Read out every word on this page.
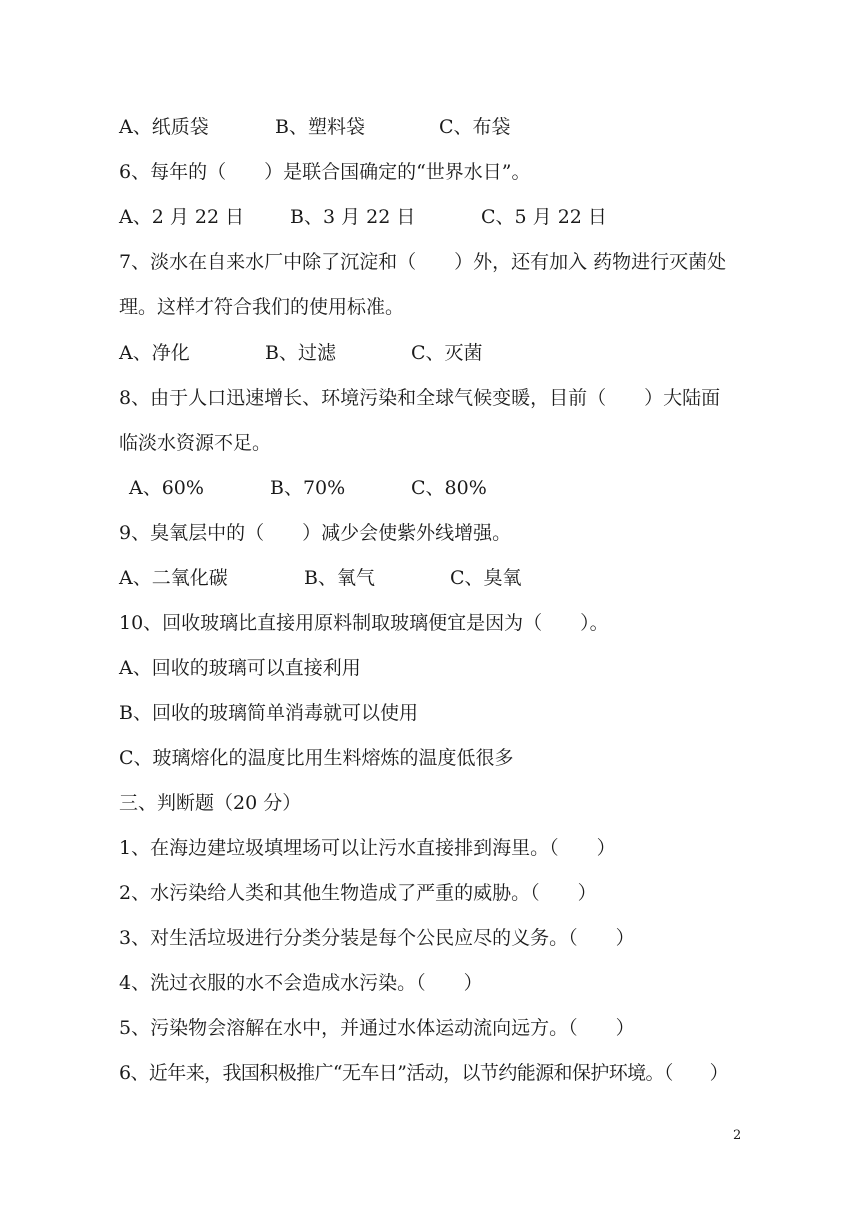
A、纸质袋	B、塑料袋	C、布袋
6、每年的（　　）是联合国确定的“世界水日”。
A、2 月 22 日 B、3 月 22 日	C、5 月 22 日
7、淡水在自来水厂中除了沉淀和（　　）外，还有加入 药物进行灭菌处
理。这样才符合我们的使用标准。
A、净化	B、过滤	C、灭菌
8、由于人口迅速增长、环境污染和全球气候变暖，目前（　　）大陆面
临淡水资源不足。
A、60%	B、70%	C、80%
9、臭氧层中的（　　）减少会使紫外线增强。
A、二氧化碳	B、氧气	C、臭氧
10、回收玻璃比直接用原料制取玻璃便宜是因为（　　）。
A、回收的玻璃可以直接利用
B、回收的玻璃简单消毒就可以使用
C、玻璃熔化的温度比用生料熔炼的温度低很多
三、判断题（20 分）
1、在海边建垃圾填埋场可以让污水直接排到海里。（　　）
2、水污染给人类和其他生物造成了严重的威胁。（　　）
3、对生活垃圾进行分类分装是每个公民应尽的义务。（　　）
4、洗过衣服的水不会造成水污染。（　　）
5、污染物会溶解在水中，并通过水体运动流向远方。（　　）
6、近年来，我国积极推广“无车日”活动，以节约能源和保护环境。（　　）
2
